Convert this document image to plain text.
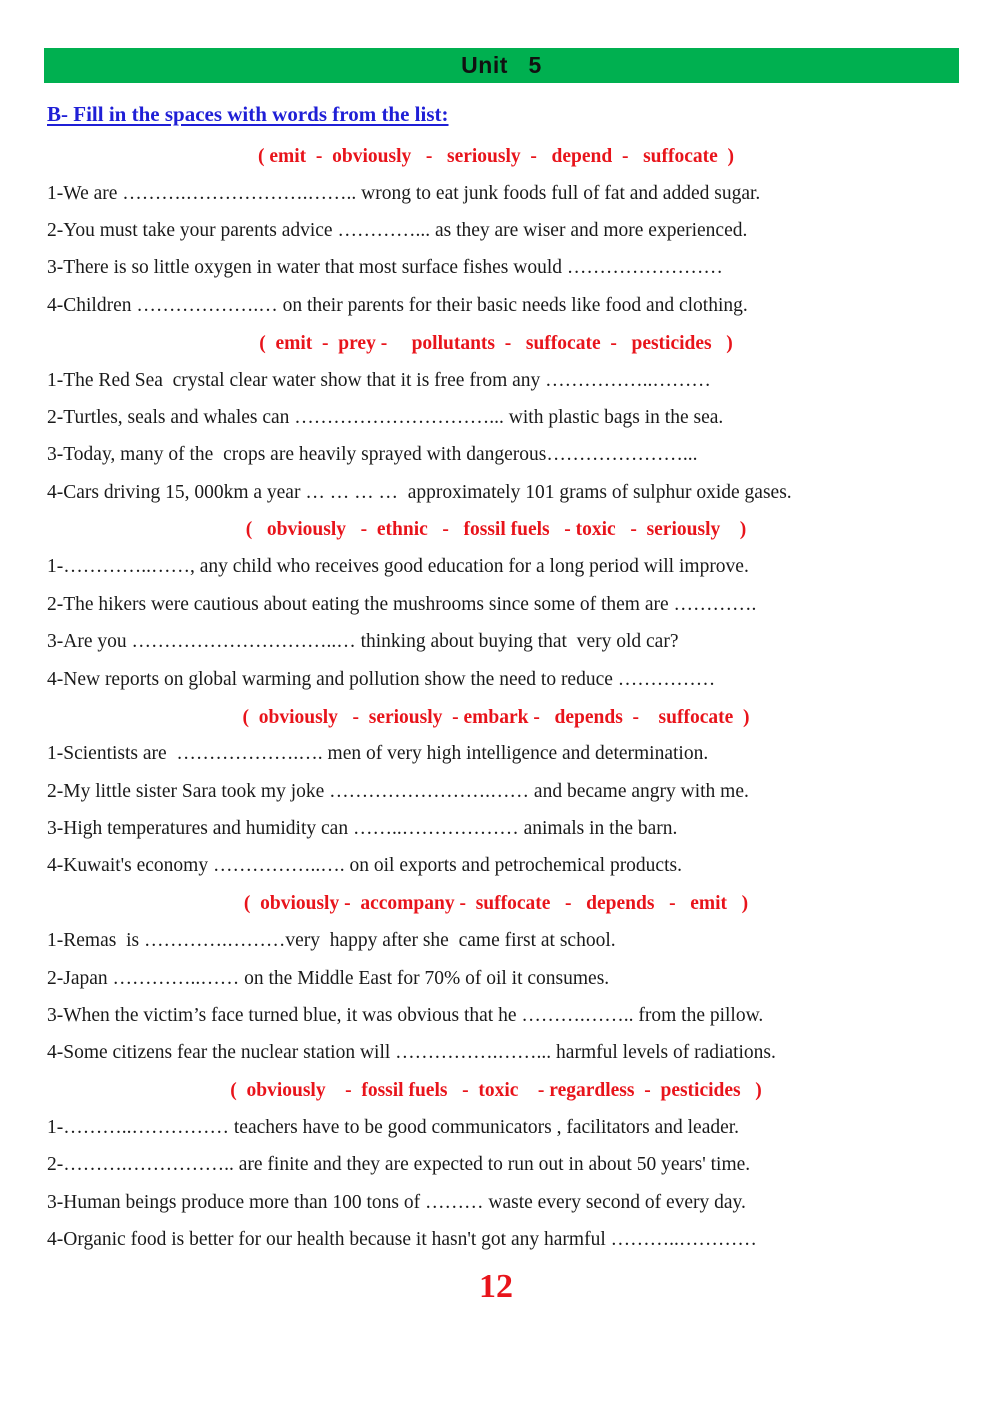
Unit   5
B- Fill in the spaces with words from the list:
( emit  -  obviously   -   seriously  -   depend  -   suffocate  )
1-We are ……….……………….…….. wrong to eat junk foods full of fat and added sugar.
2-You must take your parents advice …………... as they are wiser and more experienced.
3-There is so little oxygen in water that most surface fishes would ……………………
4-Children ……………….… on their parents for their basic needs like food and clothing.
(  emit  -  prey -     pollutants  -   suffocate  -   pesticides   )
1-The Red Sea  crystal clear water show that it is free from any ……………..………
2-Turtles, seals and whales can …………………………... with plastic bags in the sea.
3-Today, many of the  crops are heavily sprayed with dangerous…………………...
4-Cars driving 15, 000km a year … … … …  approximately 101 grams of sulphur oxide gases.
(   obviously   -  ethnic   -   fossil fuels   - toxic   -  seriously    )
1-…………..……, any child who receives good education for a long period will improve.
2-The hikers were cautious about eating the mushrooms since some of them are ………….
3-Are you …………………………..… thinking about buying that  very old car?
4-New reports on global warming and pollution show the need to reduce ……………
(  obviously   -  seriously  - embark -   depends  -    suffocate  )
1-Scientists are  ……………….…. men of very high intelligence and determination.
2-My little sister Sara took my joke …………………….…… and became angry with me.
3-High temperatures and humidity can ……..……………… animals in the barn.
4-Kuwait's economy ……………..…. on oil exports and petrochemical products.
(  obviously -  accompany -  suffocate   -   depends   -   emit   )
1-Remas  is ………….………very  happy after she  came first at school.
2-Japan …………..…… on the Middle East for 70% of oil it consumes.
3-When the victim’s face turned blue, it was obvious that he ……….…….. from the pillow.
4-Some citizens fear the nuclear station will …………….……... harmful levels of radiations.
(  obviously    -  fossil fuels   -  toxic    - regardless  -  pesticides   )
1-………..…………… teachers have to be good communicators , facilitators and leader.
2-……….…………….. are finite and they are expected to run out in about 50 years' time.
3-Human beings produce more than 100 tons of ……… waste every second of every day.
4-Organic food is better for our health because it hasn't got any harmful ………..…………
12
